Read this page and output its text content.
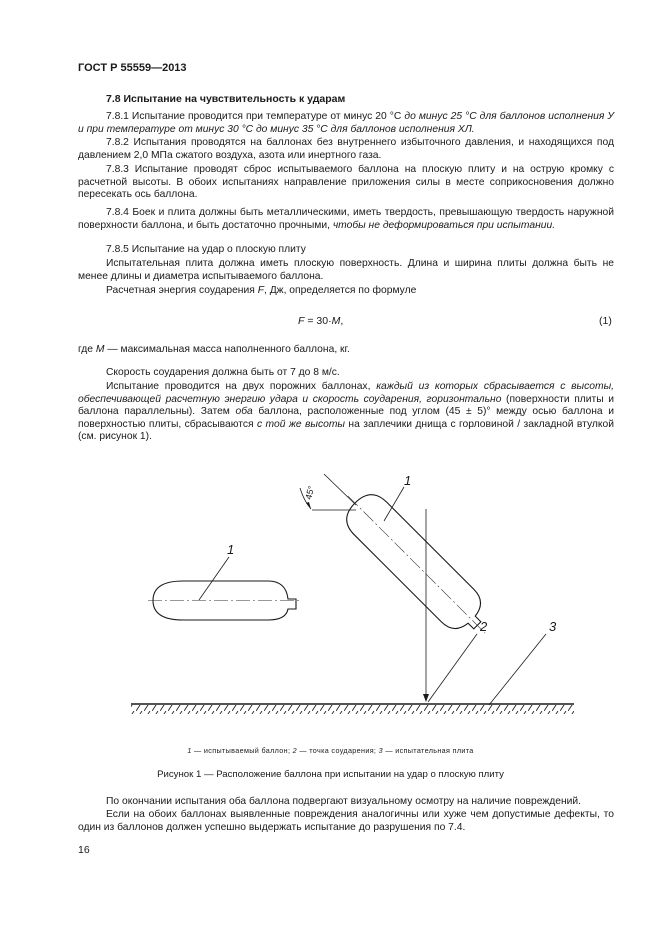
ГОСТ Р 55559—2013

7.8 Испытание на чувствительность к ударам

7.8.1 Испытание проводится при температуре от минус 20 °С до минус 25 °С для баллонов исполнения У и при температуре от минус 30 °С до минус 35 °С для баллонов исполнения ХЛ.

7.8.2 Испытания проводятся на баллонах без внутреннего избыточного давления, и находящихся под давлением 2,0 МПа сжатого воздуха, азота или инертного газа.

7.8.3 Испытание проводят сброс испытываемого баллона на плоскую плиту и на острую кромку с расчетной высоты. В обоих испытаниях направление приложения силы в месте соприкосновения должно пересекать ось баллона.

7.8.4 Боек и плита должны быть металлическими, иметь твердость, превышающую твердость наружной поверхности баллона, и быть достаточно прочными, чтобы не деформироваться при испытании.

7.8.5 Испытание на удар о плоскую плиту

Испытательная плита должна иметь плоскую поверхность. Длина и ширина плиты должна быть не менее длины и диаметра испытываемого баллона.

Расчетная энергия соударения F, Дж, определяется по формуле

F = 30·M,	(1)

где M — максимальная масса наполненного баллона, кг.

Скорость соударения должна быть от 7 до 8 м/с.

Испытание проводится на двух порожних баллонах, каждый из которых сбрасывается с высоты, обеспечивающей расчетную энергию удара и скорость соударения, горизонтально (поверхности плиты и баллона параллельны). Затем оба баллона, расположенные под углом (45 ± 5)° между осью баллона и поверхностью плиты, сбрасываются с той же высоты на заплечики днища с горловиной / закладной втулкой (см. рисунок 1).

1
1
45°
2	3

1 — испытываемый баллон; 2 — точка соударения; 3 — испытательная плита

Рисунок 1 — Расположение баллона при испытании на удар о плоскую плиту

По окончании испытания оба баллона подвергают визуальному осмотру на наличие повреждений.

Если на обоих баллонах выявленные повреждения аналогичны или хуже чем допустимые дефекты, то один из баллонов должен успешно выдержать испытание до разрушения по 7.4.

16
